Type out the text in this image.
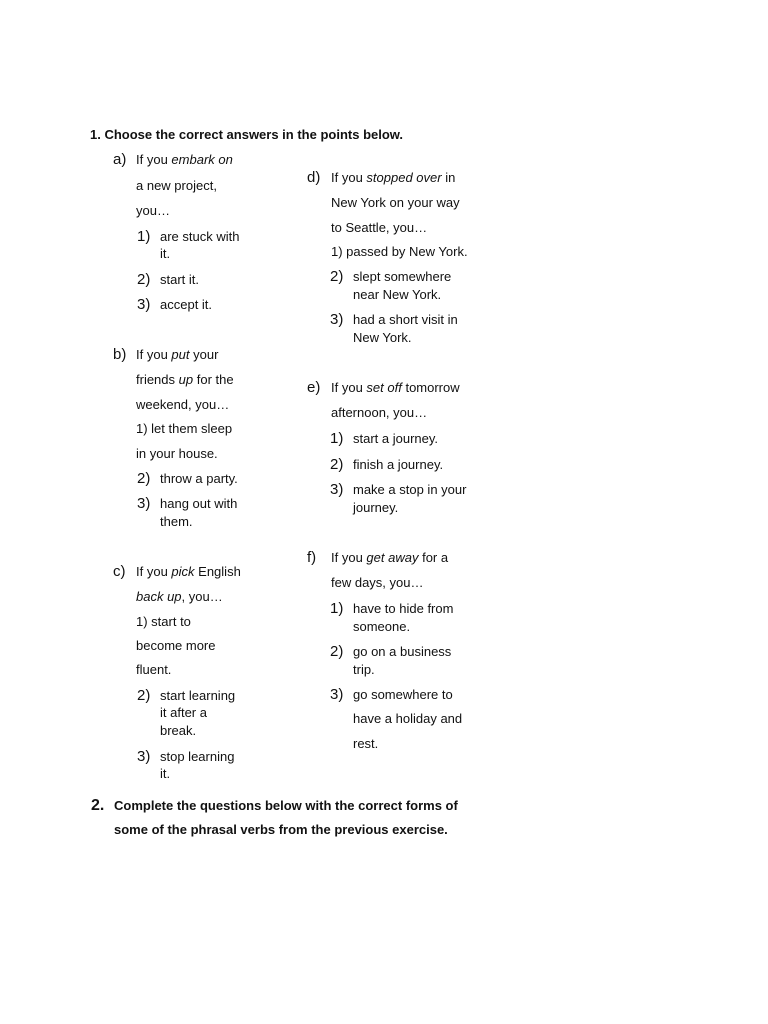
1. Choose the correct answers in the points below.
a) If you embark on
a new project,
you…
1) are stuck with
it.
2) start it.
3) accept it.
b) If you put your
friends up for the
weekend, you…
1) let them sleep
in your house.
2) throw a party.
3) hang out with
them.
c) If you pick English
back up, you…
1) start to
become more
fluent.
2) start learning
it after a
break.
3) stop learning
it.
d) If you stopped over in
New York on your way
to Seattle, you…
1) passed by New York.
2) slept somewhere
near New York.
3) had a short visit in
New York.
e) If you set off tomorrow
afternoon, you…
1) start a journey.
2) finish a journey.
3) make a stop in your
journey.
f) If you get away for a
few days, you…
1) have to hide from
someone.
2) go on a business
trip.
3) go somewhere to
have a holiday and
rest.
2. Complete the questions below with the correct forms of
some of the phrasal verbs from the previous exercise.
